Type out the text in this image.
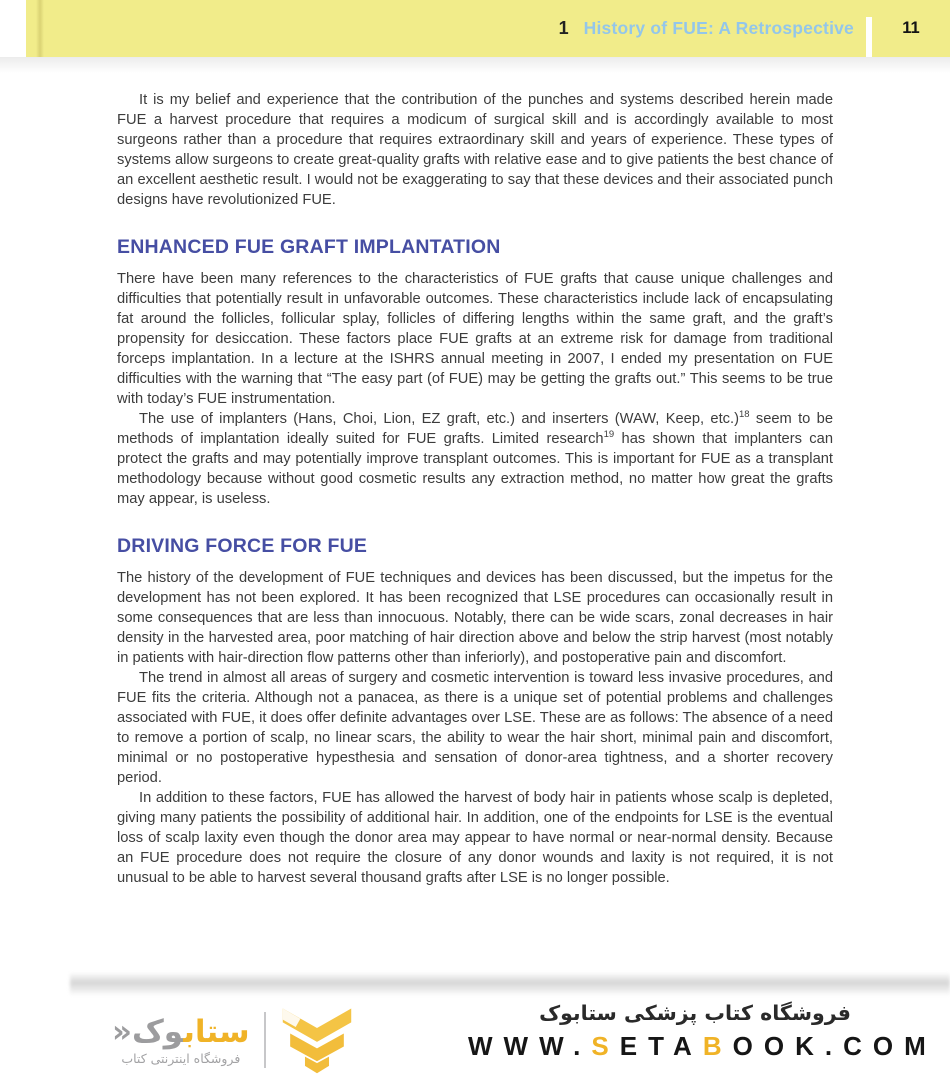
1 History of FUE: A Retrospective	11

It is my belief and experience that the contribution of the punches and systems described herein made FUE a harvest procedure that requires a modicum of surgical skill and is accordingly available to most surgeons rather than a procedure that requires extraordinary skill and years of experience. These types of systems allow surgeons to create great-quality grafts with relative ease and to give patients the best chance of an excellent aesthetic result. I would not be exaggerating to say that these devices and their associated punch designs have revolutionized FUE.

ENHANCED FUE GRAFT IMPLANTATION

There have been many references to the characteristics of FUE grafts that cause unique challenges and difficulties that potentially result in unfavorable outcomes. These characteristics include lack of encapsulating fat around the follicles, follicular splay, follicles of differing lengths within the same graft, and the graft’s propensity for desiccation. These factors place FUE grafts at an extreme risk for damage from traditional forceps implantation. In a lecture at the ISHRS annual meeting in 2007, I ended my presentation on FUE difficulties with the warning that “The easy part (of FUE) may be getting the grafts out.” This seems to be true with today’s FUE instrumentation.

The use of implanters (Hans, Choi, Lion, EZ graft, etc.) and inserters (WAW, Keep, etc.)$^{18}$ seem to be methods of implantation ideally suited for FUE grafts. Limited research$^{19}$ has shown that implanters can protect the grafts and may potentially improve transplant outcomes. This is important for FUE as a transplant methodology because without good cosmetic results any extraction method, no matter how great the grafts may appear, is useless.

DRIVING FORCE FOR FUE

The history of the development of FUE techniques and devices has been discussed, but the impetus for the development has not been explored. It has been recognized that LSE procedures can occasionally result in some consequences that are less than innocuous. Notably, there can be wide scars, zonal decreases in hair density in the harvested area, poor matching of hair direction above and below the strip harvest (most notably in patients with hair-direction flow patterns other than inferiorly), and postoperative pain and discomfort.

The trend in almost all areas of surgery and cosmetic intervention is toward less invasive procedures, and FUE fits the criteria. Although not a panacea, as there is a unique set of potential problems and challenges associated with FUE, it does offer definite advantages over LSE. These are as follows: The absence of a need to remove a portion of scalp, no linear scars, the ability to wear the hair short, minimal pain and discomfort, minimal or no postoperative hypesthesia and sensation of donor-area tightness, and a shorter recovery period.

In addition to these factors, FUE has allowed the harvest of body hair in patients whose scalp is depleted, giving many patients the possibility of additional hair. In addition, one of the endpoints for LSE is the eventual loss of scalp laxity even though the donor area may appear to have normal or near-normal density. Because an FUE procedure does not require the closure of any donor wounds and laxity is not required, it is not unusual to be able to harvest several thousand grafts after LSE is no longer possible.

ستابوک«
فروشگاه اینترنتی کتاب
فروشگاه کتاب پزشکی ستابوک
WWW.SETABOOK.COM
